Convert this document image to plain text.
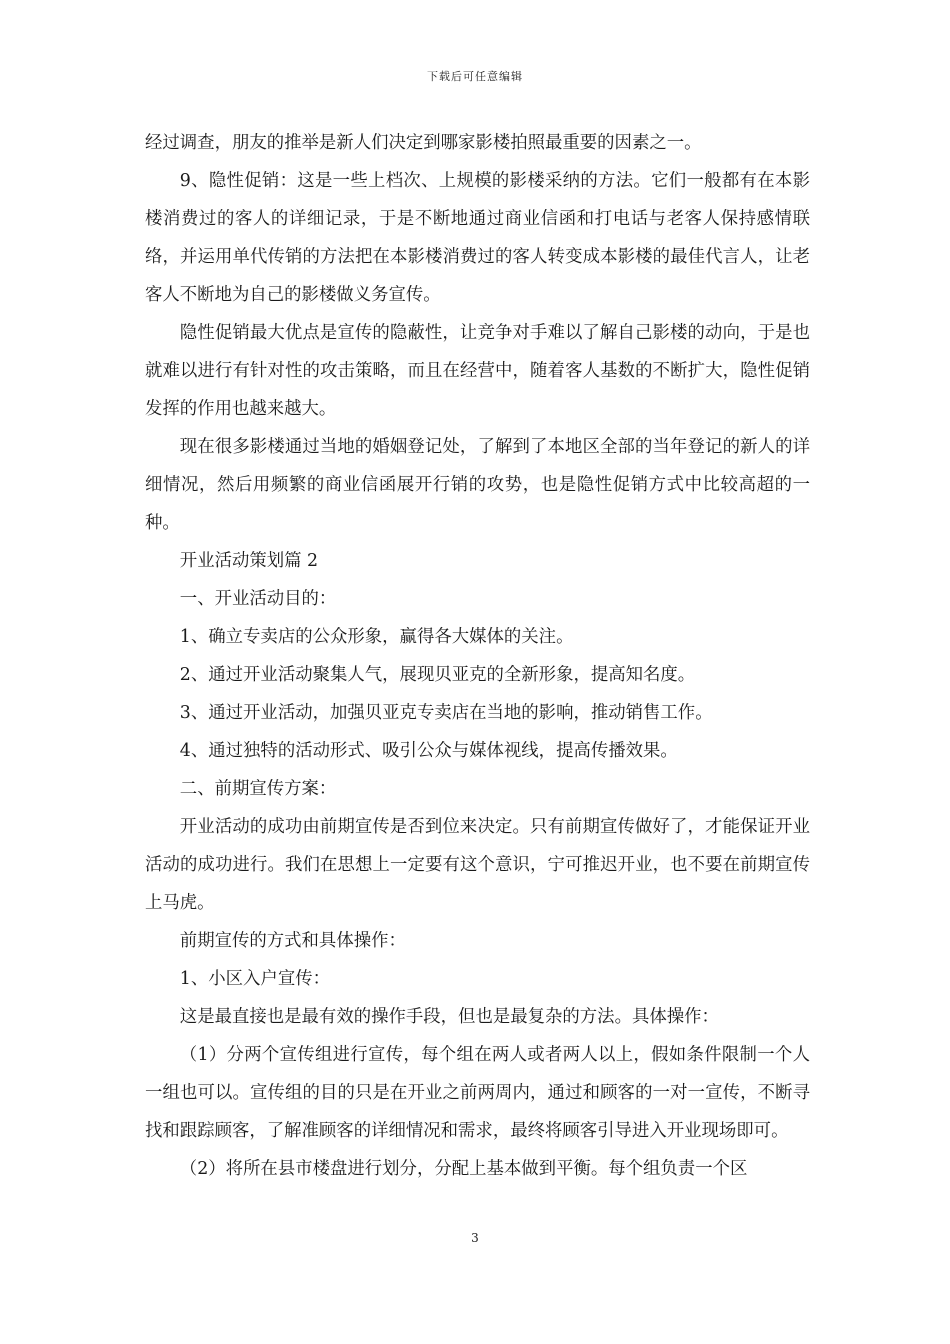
下载后可任意编辑

经过调查，朋友的推举是新人们决定到哪家影楼拍照最重要的因素之一。

9、隐性促销：这是一些上档次、上规模的影楼采纳的方法。它们一般都有在本影楼消费过的客人的详细记录，于是不断地通过商业信函和打电话与老客人保持感情联络，并运用单代传销的方法把在本影楼消费过的客人转变成本影楼的最佳代言人，让老客人不断地为自己的影楼做义务宣传。

隐性促销最大优点是宣传的隐蔽性，让竞争对手难以了解自己影楼的动向，于是也就难以进行有针对性的攻击策略，而且在经营中，随着客人基数的不断扩大，隐性促销发挥的作用也越来越大。

现在很多影楼通过当地的婚姻登记处，了解到了本地区全部的当年登记的新人的详细情况，然后用频繁的商业信函展开行销的攻势，也是隐性促销方式中比较高超的一种。

开业活动策划篇 2

一、开业活动目的：

1、确立专卖店的公众形象，赢得各大媒体的关注。

2、通过开业活动聚集人气，展现贝亚克的全新形象，提高知名度。

3、通过开业活动，加强贝亚克专卖店在当地的影响，推动销售工作。

4、通过独特的活动形式、吸引公众与媒体视线，提高传播效果。

二、前期宣传方案：

开业活动的成功由前期宣传是否到位来决定。只有前期宣传做好了，才能保证开业活动的成功进行。我们在思想上一定要有这个意识，宁可推迟开业，也不要在前期宣传上马虎。

前期宣传的方式和具体操作：

1、小区入户宣传：

这是最直接也是最有效的操作手段，但也是最复杂的方法。具体操作：

（1）分两个宣传组进行宣传，每个组在两人或者两人以上，假如条件限制一个人一组也可以。宣传组的目的只是在开业之前两周内，通过和顾客的一对一宣传，不断寻找和跟踪顾客，了解准顾客的详细情况和需求，最终将顾客引导进入开业现场即可。

（2）将所在县市楼盘进行划分，分配上基本做到平衡。每个组负责一个区

3
